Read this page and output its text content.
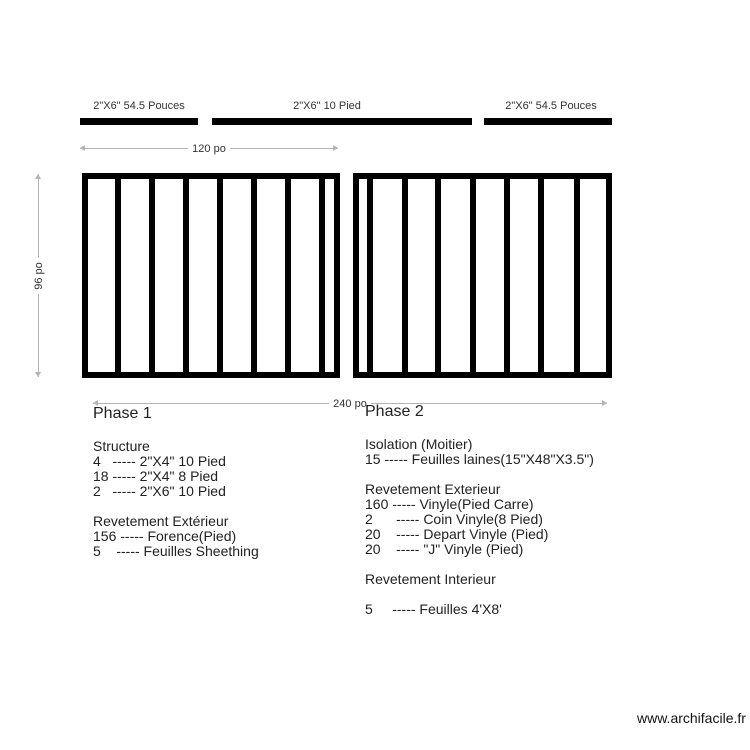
2"X6" 54.5 Pouces	2"X6" 10 Pied	2"X6" 54.5 Pouces
120 po
96 po
240 po
Phase 1
Structure
4   ----- 2"X4" 10 Pied
18 ----- 2"X4" 8 Pied
2   ----- 2"X6" 10 Pied
Revetement Extérieur
156 ----- Forence(Pied)
5    ----- Feuilles Sheething
Phase 2
Isolation (Moitier)
15 ----- Feuilles laines(15"X48"X3.5")
Revetement Exterieur
160 ----- Vinyle(Pied Carre)
2      ----- Coin Vinyle(8 Pied)
20    ----- Depart Vinyle (Pied)
20    ----- "J" Vinyle (Pied)
Revetement Interieur
5     ----- Feuilles 4'X8'
www.archifacile.fr
